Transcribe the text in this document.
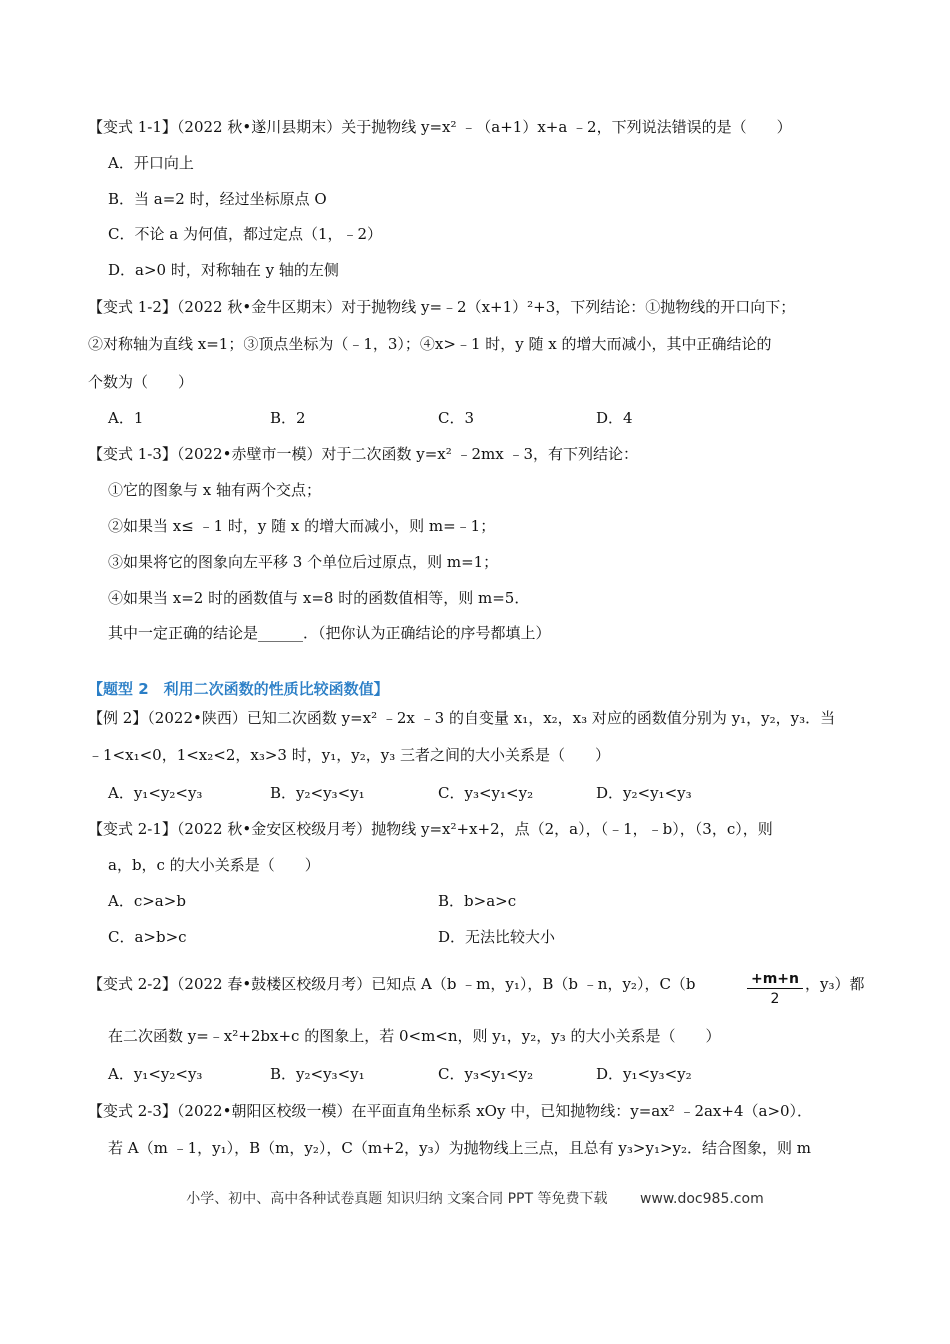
【变式 1-1】（2022 秋•遂川县期末）关于抛物线 y=x² ﹣（a+1）x+a ﹣2，下列说法错误的是（　　）
A．开口向上
B．当 a=2 时，经过坐标原点 O
C．不论 a 为何值，都过定点（1，﹣2）
D．a>0 时，对称轴在 y 轴的左侧
【变式 1-2】（2022 秋•金牛区期末）对于抛物线 y=﹣2（x+1）²+3，下列结论：①抛物线的开口向下；
②对称轴为直线 x=1；③顶点坐标为（﹣1，3）；④x>﹣1 时，y 随 x 的增大而减小，其中正确结论的
个数为（　　）
A．1	B．2	C．3	D．4
【变式 1-3】（2022•赤壁市一模）对于二次函数 y=x² ﹣2mx ﹣3，有下列结论：
①它的图象与 x 轴有两个交点；
②如果当 x≤ ﹣1 时，y 随 x 的增大而减小，则 m=﹣1；
③如果将它的图象向左平移 3 个单位后过原点，则 m=1；
④如果当 x=2 时的函数值与 x=8 时的函数值相等，则 m=5．
其中一定正确的结论是______．（把你认为正确结论的序号都填上）
【题型 2　利用二次函数的性质比较函数值】
【例 2】（2022•陕西）已知二次函数 y=x² ﹣2x ﹣3 的自变量 x₁，x₂，x₃ 对应的函数值分别为 y₁，y₂，y₃．当
﹣1<x₁<0，1<x₂<2，x₃>3 时，y₁，y₂，y₃ 三者之间的大小关系是（　　）
A．y₁<y₂<y₃	B．y₂<y₃<y₁	C．y₃<y₁<y₂	D．y₂<y₁<y₃
【变式 2-1】（2022 秋•金安区校级月考）抛物线 y=x²+x+2，点（2，a），（﹣1，﹣b），（3，c），则
a，b，c 的大小关系是（　　）
A．c>a>b	B．b>a>c
C．a>b>c	D．无法比较大小
【变式 2-2】（2022 春•鼓楼区校级月考）已知点 A（b ﹣m，y₁），B（b ﹣n，y₂），C（b	$\frac{+m+n}{2}$ ，y₃）都
在二次函数 y=﹣x²+2bx+c 的图象上，若 0<m<n，则 y₁，y₂，y₃ 的大小关系是（　　）
A．y₁<y₂<y₃	B．y₂<y₃<y₁	C．y₃<y₁<y₂	D．y₁<y₃<y₂
【变式 2-3】（2022•朝阳区校级一模）在平面直角坐标系 xOy 中，已知抛物线：y=ax² ﹣2ax+4（a>0）．
若 A（m ﹣1，y₁），B（m，y₂），C（m+2，y₃）为抛物线上三点，且总有 y₃>y₁>y₂．结合图象，则 m
小学、初中、高中各种试卷真题 知识归纳 文案合同 PPT 等免费下载 www.doc985.com
